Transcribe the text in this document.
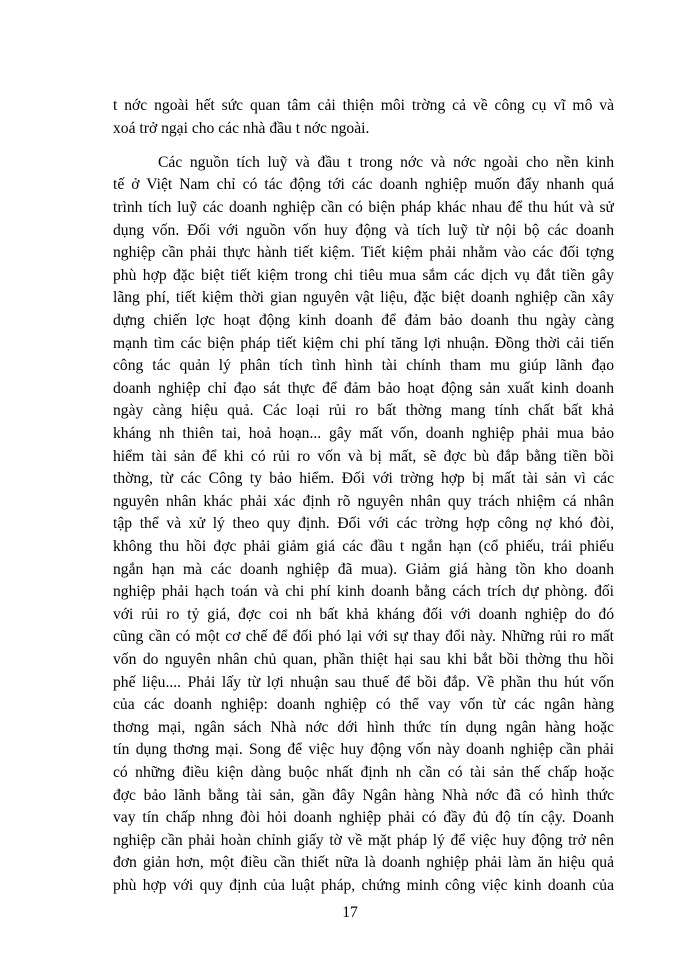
t nớc ngoài hết sức quan tâm cải thiện môi trờng cả về công cụ vĩ mô và
xoá trở ngại cho các nhà đầu t nớc ngoài.
Các nguồn tích luỹ và đầu t trong nớc và nớc ngoài cho nền kinh
tế ở Việt Nam chỉ có tác động tới các doanh nghiệp muốn đẩy nhanh quá
trình tích luỹ các doanh nghiệp cần có biện pháp khác nhau để thu hút và sử
dụng vốn. Đối với nguồn vốn huy động và tích luỹ từ nội bộ các doanh
nghiệp cần phải thực hành tiết kiệm. Tiết kiệm phải nhằm vào các đối tợng
phù hợp đặc biệt tiết kiệm trong chi tiêu mua sắm các dịch vụ đắt tiền gây
lãng phí, tiết kiệm thời gian nguyên vật liệu, đặc biệt doanh nghiệp cần xây
dựng chiến lợc hoạt động kinh doanh để đảm bảo doanh thu ngày càng
mạnh tìm các biện pháp tiết kiệm chi phí tăng lợi nhuận. Đồng thời cải tiến
công tác quản lý phân tích tình hình tài chính tham mu giúp lãnh đạo
doanh nghiệp chỉ đạo sát thực để đảm bảo hoạt động sản xuất kinh doanh
ngày càng hiệu quả. Các loại rủi ro bất thờng mang tính chất bất khả
kháng nh thiên tai, hoả hoạn... gây mất vốn, doanh nghiệp phải mua bảo
hiểm tài sản để khi có rủi ro vốn và bị mất, sẽ đợc bù đắp bằng tiền bồi
thờng, từ các Công ty bảo hiểm. Đối với trờng hợp bị mất tài sản vì các
nguyên nhân khác phải xác định rõ nguyên nhân quy trách nhiệm cá nhân
tập thể và xử lý theo quy định. Đối với các trờng hợp công nợ khó đòi,
không thu hồi đợc phải giảm giá các đầu t ngắn hạn (cổ phiếu, trái phiếu
ngắn hạn mà các doanh nghiệp đã mua). Giảm giá hàng tồn kho doanh
nghiệp phải hạch toán và chi phí kinh doanh bằng cách trích dự phòng. đối
với rủi ro tỷ giá, đợc coi nh bất khả kháng đối với doanh nghiệp do đó
cũng cần có một cơ chế để đối phó lại với sự thay đổi này. Những rủi ro mất
vốn do nguyên nhân chủ quan, phần thiệt hại sau khi bắt bồi thờng thu hồi
phế liệu.... Phải lấy từ lợi nhuận sau thuế để bồi đắp. Về phần thu hút vốn
của các doanh nghiệp: doanh nghiệp có thể vay vốn từ các ngân hàng
thơng mại, ngân sách Nhà nớc dới hình thức tín dụng ngân hàng hoặc
tín dụng thơng mại. Song để việc huy động vốn này doanh nghiệp cần phải
có những điều kiện dàng buộc nhất định nh cần có tài sản thế chấp hoặc
đợc bảo lãnh bằng tài sản, gần đây Ngân hàng Nhà nớc đã có hình thức
vay tín chấp nhng đòi hỏi doanh nghiệp phải có đầy đủ độ tín cậy. Doanh
nghiệp cần phải hoàn chỉnh giấy tờ về mặt pháp lý để việc huy động trở nên
đơn giản hơn, một điều cần thiết nữa là doanh nghiệp phải làm ăn hiệu quả
phù hợp với quy định của luật pháp, chứng minh công việc kinh doanh của
17
